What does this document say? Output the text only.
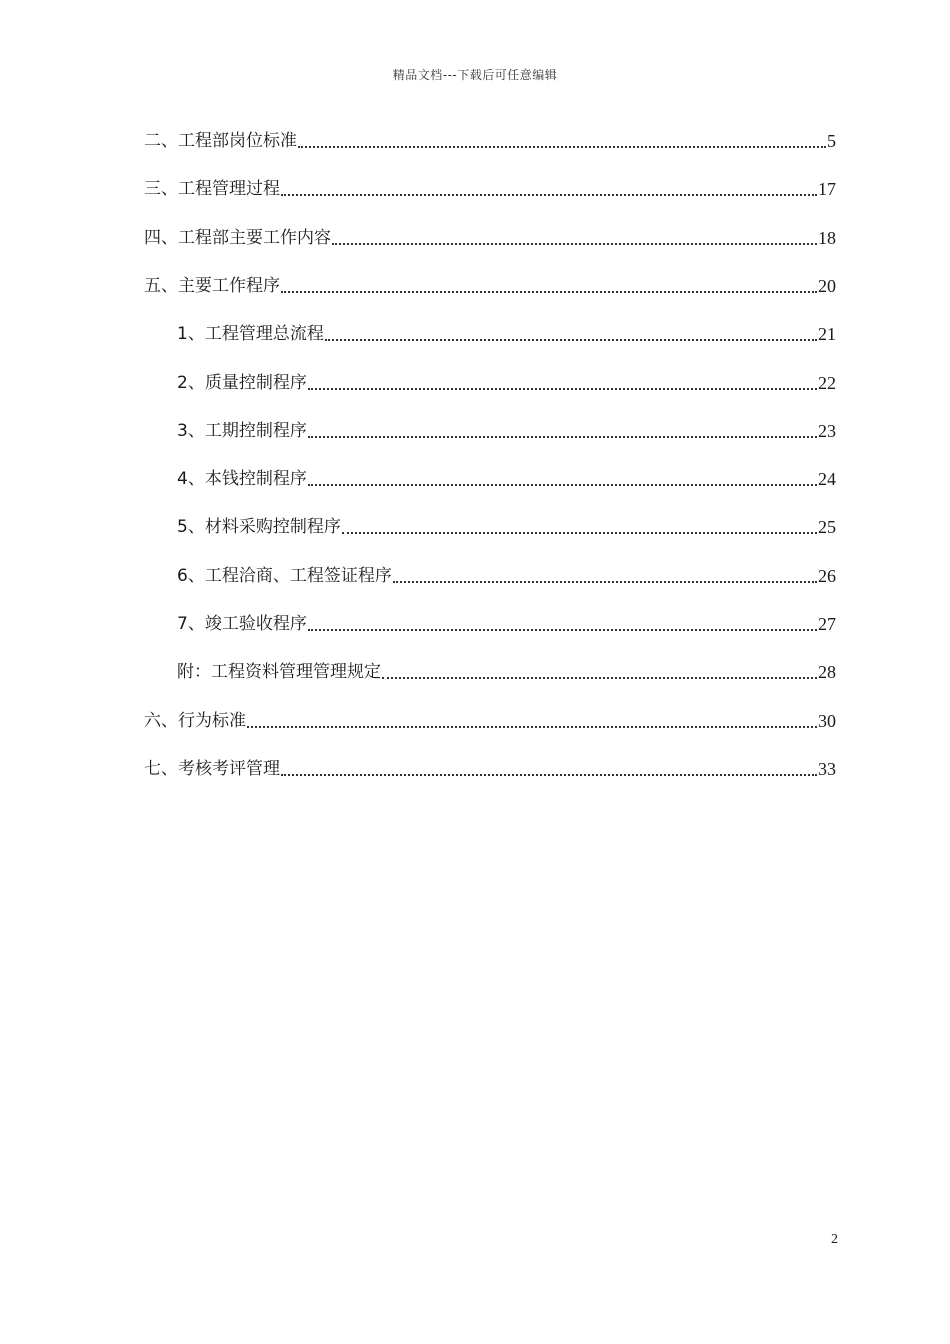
精品文档---下载后可任意编辑
二、工程部岗位标准	5
三、工程管理过程	17
四、工程部主要工作内容	18
五、主要工作程序	20
1、工程管理总流程	21
2、质量控制程序	22
3、工期控制程序	23
4、本钱控制程序	24
5、材料采购控制程序	25
6、工程洽商、工程签证程序	26
7、竣工验收程序	27
附：工程资料管理管理规定	28
六、行为标准	30
七、考核考评管理	33
2
